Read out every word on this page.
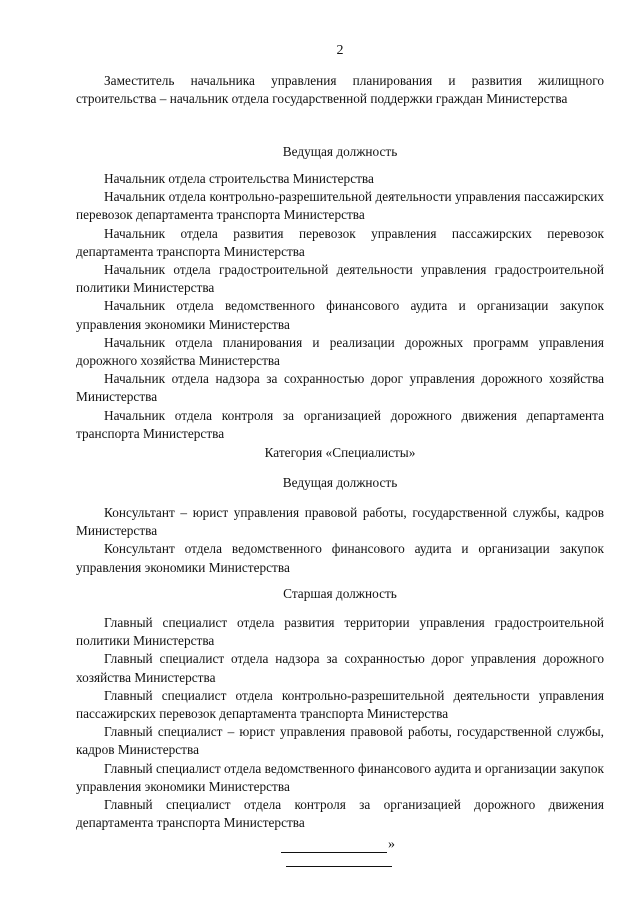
2

Заместитель начальника управления планирования и развития жилищного строительства – начальник отдела государственной поддержки граждан Министерства

Ведущая должность

Начальник отдела строительства Министерства

Начальник отдела контрольно-разрешительной деятельности управления пассажирских перевозок департамента транспорта Министерства

Начальник отдела развития перевозок управления пассажирских перевозок департамента транспорта Министерства

Начальник отдела градостроительной деятельности управления градостроительной политики Министерства

Начальник отдела ведомственного финансового аудита и организации закупок управления экономики Министерства

Начальник отдела планирования и реализации дорожных программ управления дорожного хозяйства Министерства

Начальник отдела надзора за сохранностью дорог управления дорожного хозяйства Министерства

Начальник отдела контроля за организацией дорожного движения департамента транспорта Министерства

Категория «Специалисты»

Ведущая должность

Консультант – юрист управления правовой работы, государственной службы, кадров Министерства

Консультант отдела ведомственного финансового аудита и организации закупок управления экономики Министерства

Старшая должность

Главный специалист отдела развития территории управления градостроительной политики Министерства

Главный специалист отдела надзора за сохранностью дорог управления дорожного хозяйства Министерства

Главный специалист отдела контрольно-разрешительной деятельности управления пассажирских перевозок департамента транспорта Министерства

Главный специалист – юрист управления правовой работы, государственной службы, кадров Министерства

Главный специалист отдела ведомственного финансового аудита и организации закупок управления экономики Министерства

Главный специалист отдела контроля за организацией дорожного движения департамента транспорта Министерства

»
